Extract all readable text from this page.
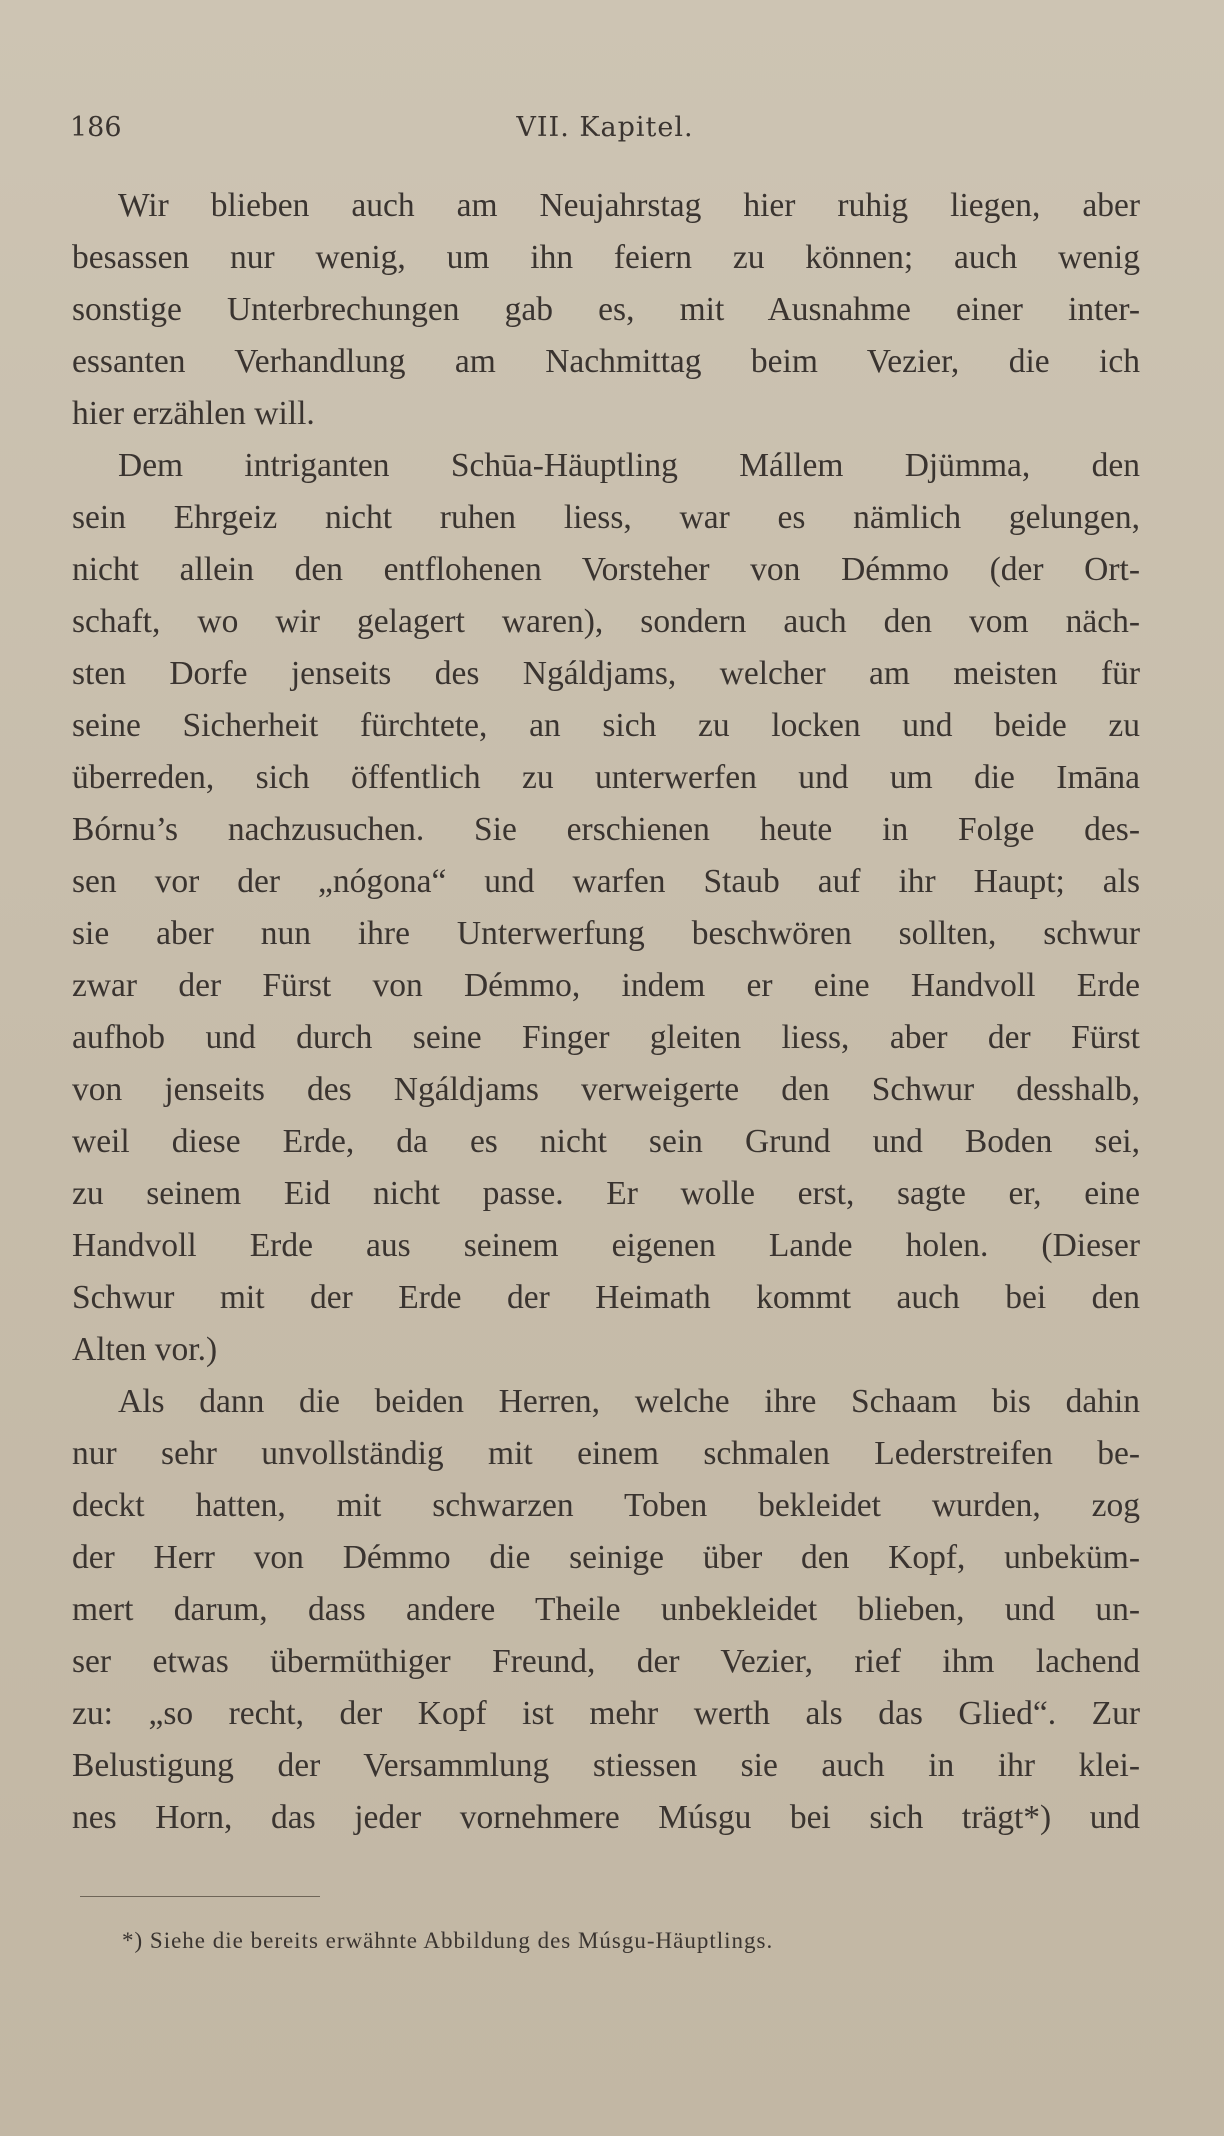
186	VII. Kapitel.
Wir blieben auch am Neujahrstag hier ruhig liegen, aber
besassen nur wenig, um ihn feiern zu können; auch wenig
sonstige Unterbrechungen gab es, mit Ausnahme einer inter-
essanten Verhandlung am Nachmittag beim Vezier, die ich
hier erzählen will.
Dem intriganten Schūa-Häuptling Mállem Djümma, den
sein Ehrgeiz nicht ruhen liess, war es nämlich gelungen,
nicht allein den entflohenen Vorsteher von Démmo (der Ort-
schaft, wo wir gelagert waren), sondern auch den vom näch-
sten Dorfe jenseits des Ngáldjams, welcher am meisten für
seine Sicherheit fürchtete, an sich zu locken und beide zu
überreden, sich öffentlich zu unterwerfen und um die Imāna
Bórnu’s nachzusuchen. Sie erschienen heute in Folge des-
sen vor der „nógona“ und warfen Staub auf ihr Haupt; als
sie aber nun ihre Unterwerfung beschwören sollten, schwur
zwar der Fürst von Démmo, indem er eine Handvoll Erde
aufhob und durch seine Finger gleiten liess, aber der Fürst
von jenseits des Ngáldjams verweigerte den Schwur desshalb,
weil diese Erde, da es nicht sein Grund und Boden sei,
zu seinem Eid nicht passe. Er wolle erst, sagte er, eine
Handvoll Erde aus seinem eigenen Lande holen. (Dieser
Schwur mit der Erde der Heimath kommt auch bei den
Alten vor.)
Als dann die beiden Herren, welche ihre Schaam bis dahin
nur sehr unvollständig mit einem schmalen Lederstreifen be-
deckt hatten, mit schwarzen Toben bekleidet wurden, zog
der Herr von Démmo die seinige über den Kopf, unbeküm-
mert darum, dass andere Theile unbekleidet blieben, und un-
ser etwas übermüthiger Freund, der Vezier, rief ihm lachend
zu: „so recht, der Kopf ist mehr werth als das Glied“. Zur
Belustigung der Versammlung stiessen sie auch in ihr klei-
nes Horn, das jeder vornehmere Músgu bei sich trägt*) und
*) Siehe die bereits erwähnte Abbildung des Músgu-Häuptlings.
